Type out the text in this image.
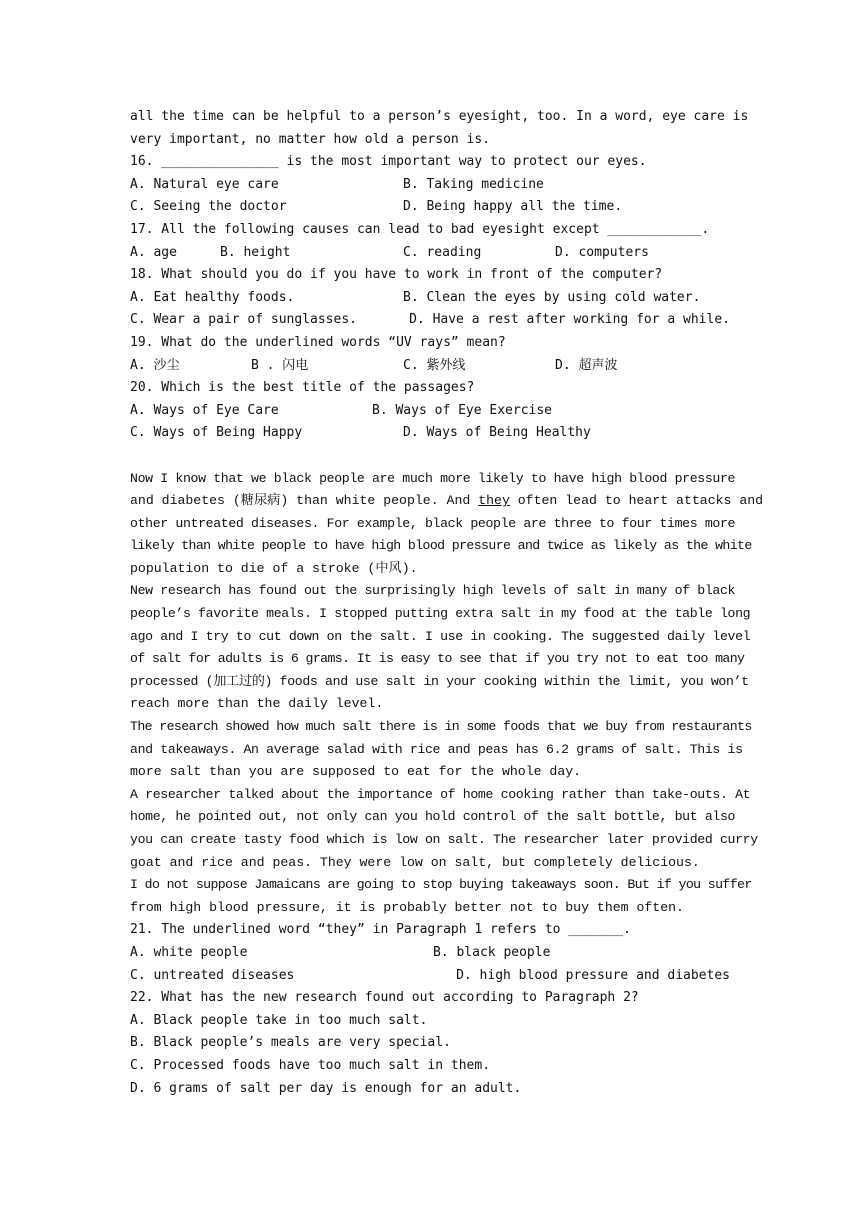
all the time can be helpful to a person’s eyesight, too. In a word, eye care is
very important, no matter how old a person is.
16. _______________ is the most important way to protect our eyes.
A. Natural eye care	B. Taking medicine
C. Seeing the doctor	D. Being happy all the time.
17. All the following causes can lead to bad eyesight except ____________.
A. age	B. height	C. reading	D. computers
18. What should you do if you have to work in front of the computer?
A. Eat healthy foods.	B. Clean the eyes by using cold water.
C. Wear a pair of sunglasses.	D. Have a rest after working for a while.
19. What do the underlined words “UV rays” mean?
A. 沙尘	B . 闪电	C. 紫外线	D. 超声波
20. Which is the best title of the passages?
A. Ways of Eye Care	B. Ways of Eye Exercise
C. Ways of Being Happy	D. Ways of Being Healthy
Now I know that we black people are much more likely to have high blood pressure
and diabetes (糖尿病) than white people. And they often lead to heart attacks and
other untreated diseases. For example, black people are three to four times more
likely than white people to have high blood pressure and twice as likely as the white
population to die of a stroke (中风).
New research has found out the surprisingly high levels of salt in many of black
people’s favorite meals. I stopped putting extra salt in my food at the table long
ago and I try to cut down on the salt. I use in cooking. The suggested daily level
of salt for adults is 6 grams. It is easy to see that if you try not to eat too many
processed (加工过的) foods and use salt in your cooking within the limit, you won’t
reach more than the daily level.
The research showed how much salt there is in some foods that we buy from restaurants
and takeaways. An average salad with rice and peas has 6.2 grams of salt. This is
more salt than you are supposed to eat for the whole day.
A researcher talked about the importance of home cooking rather than take-outs. At
home, he pointed out, not only can you hold control of the salt bottle, but also
you can create tasty food which is low on salt. The researcher later provided curry
goat and rice and peas. They were low on salt, but completely delicious.
I do not suppose Jamaicans are going to stop buying takeaways soon. But if you suffer
from high blood pressure, it is probably better not to buy them often.
21. The underlined word “they” in Paragraph 1 refers to _______.
A. white people	B. black people
C. untreated diseases	D. high blood pressure and diabetes
22. What has the new research found out according to Paragraph 2?
A. Black people take in too much salt.
B. Black people’s meals are very special.
C. Processed foods have too much salt in them.
D. 6 grams of salt per day is enough for an adult.
